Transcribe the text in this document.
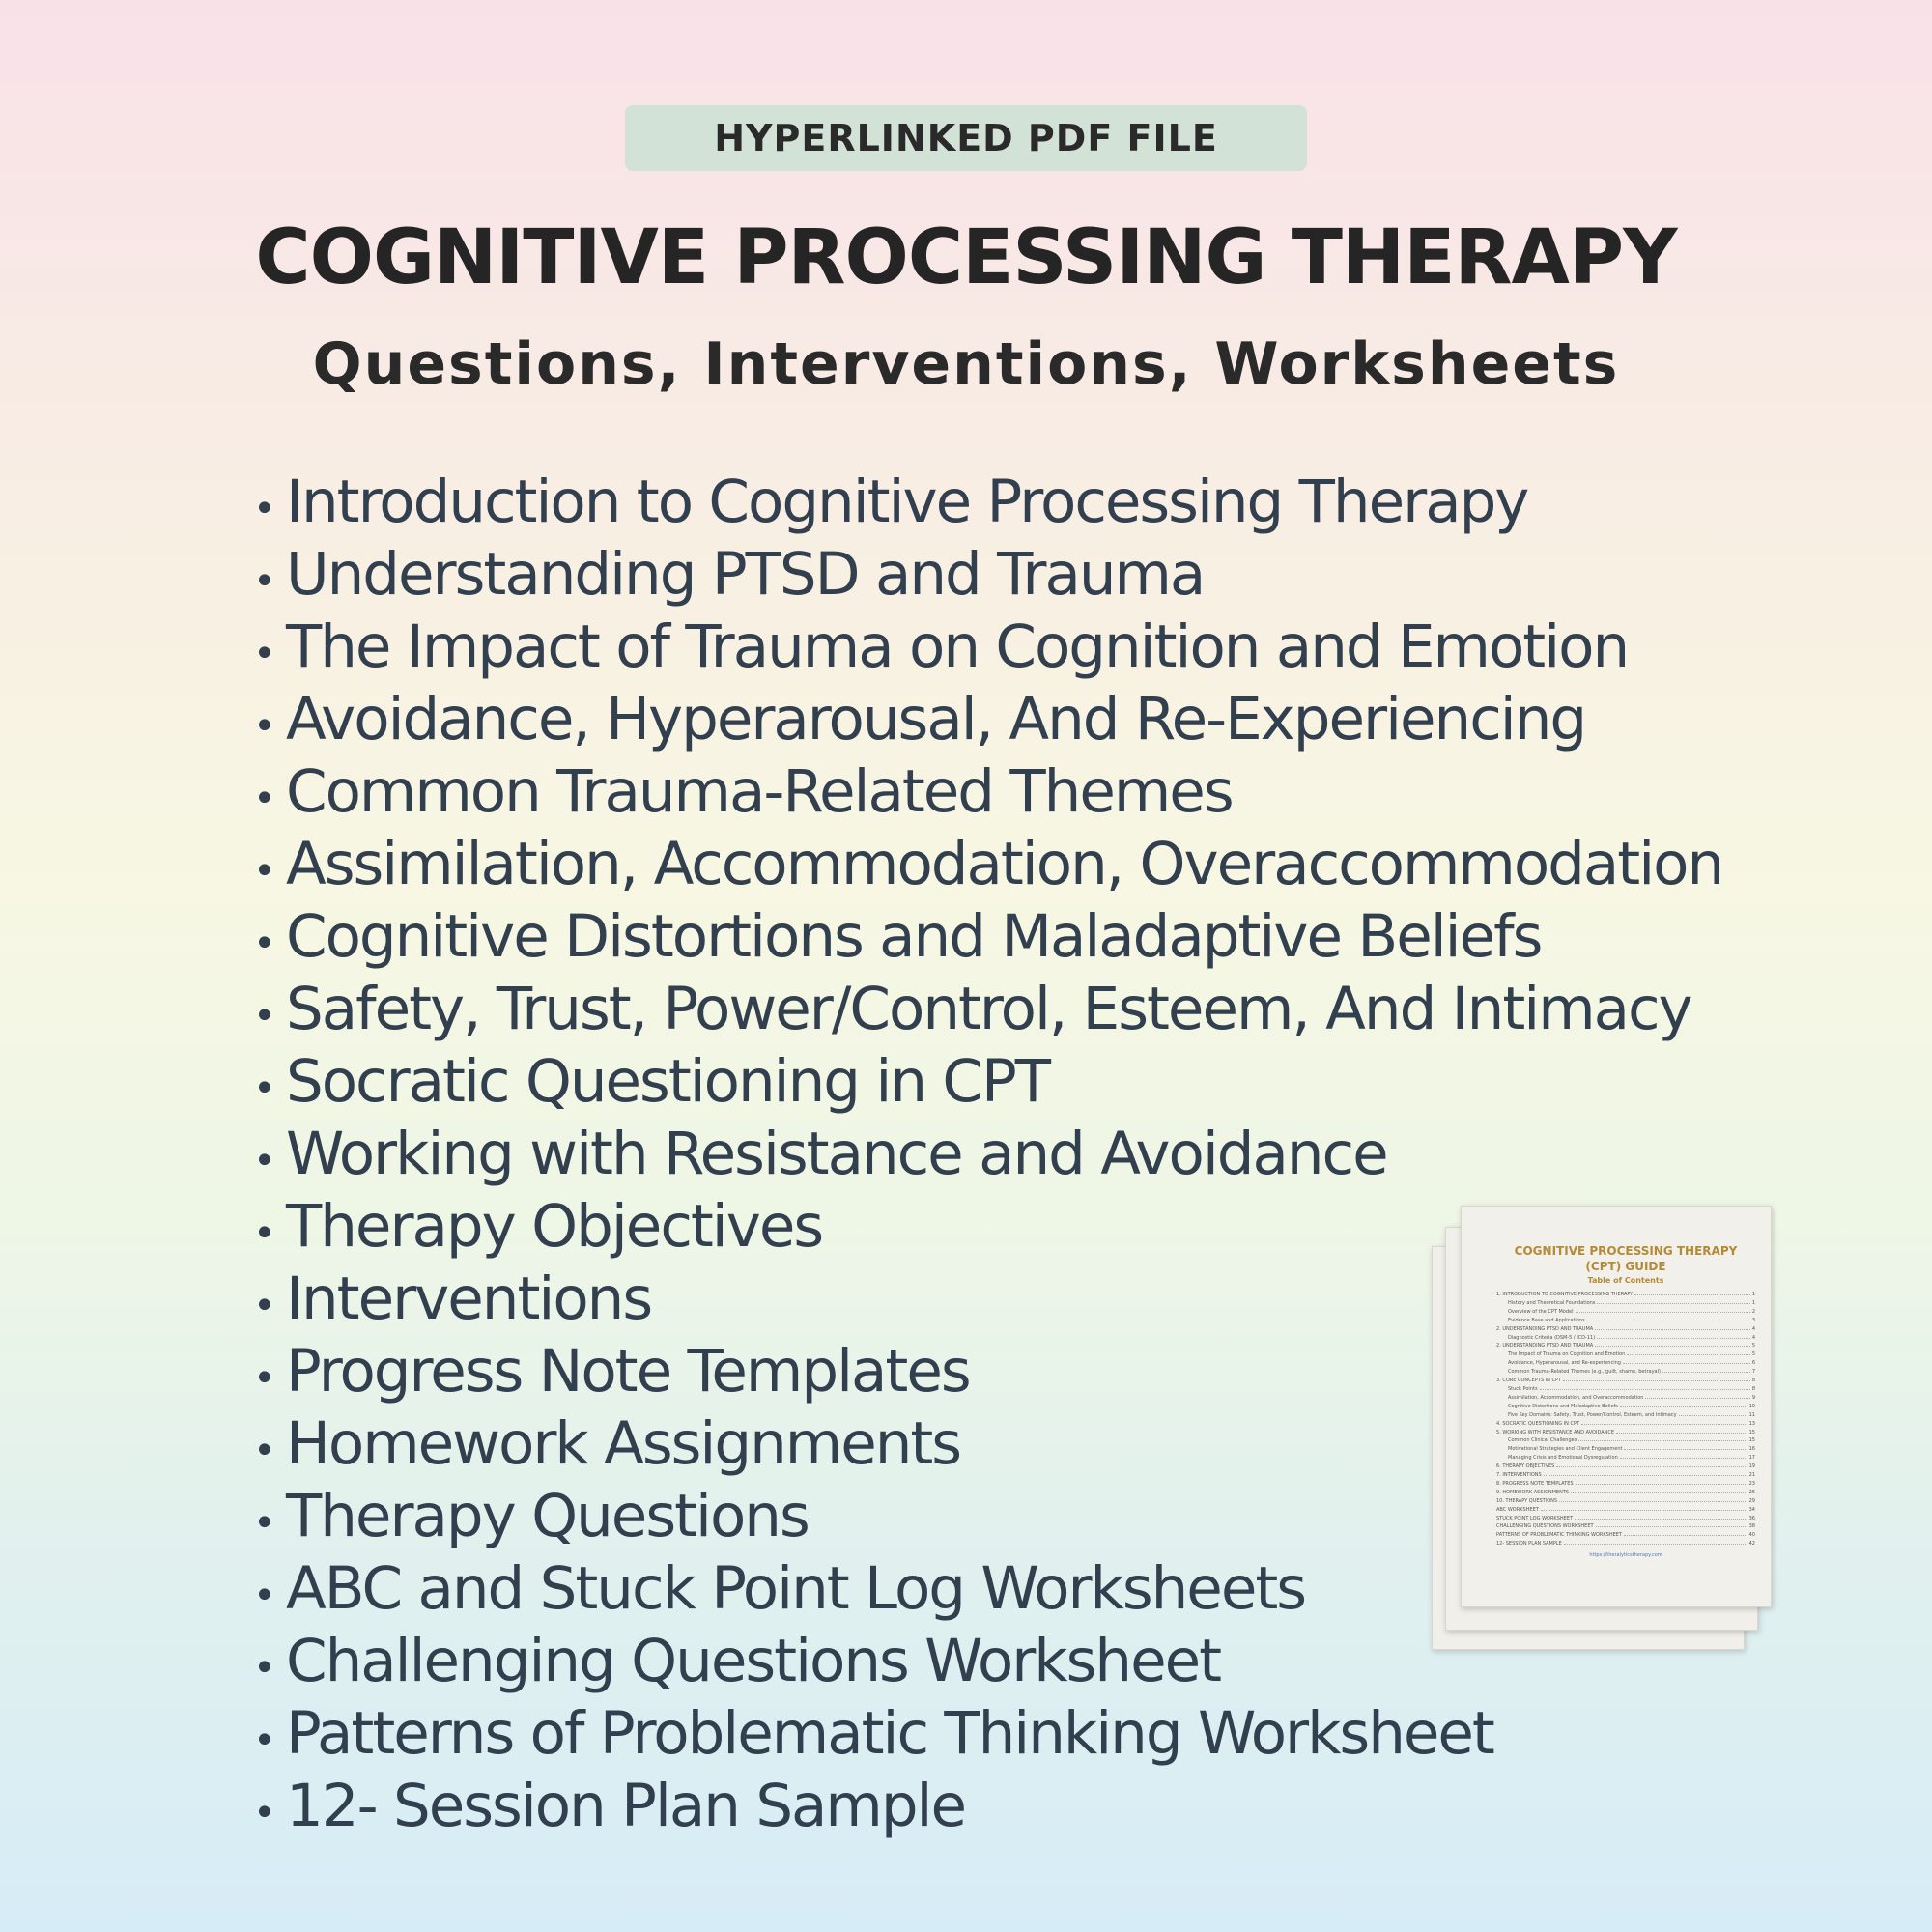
HYPERLINKED PDF FILE
COGNITIVE PROCESSING THERAPY
Questions, Interventions, Worksheets
• Introduction to Cognitive Processing Therapy
• Understanding PTSD and Trauma
• The Impact of Trauma on Cognition and Emotion
• Avoidance, Hyperarousal, And Re-Experiencing
• Common Trauma-Related Themes
• Assimilation, Accommodation, Overaccommodation
• Cognitive Distortions and Maladaptive Beliefs
• Safety, Trust, Power/Control, Esteem, And Intimacy
• Socratic Questioning in CPT
• Working with Resistance and Avoidance
• Therapy Objectives
• Interventions
• Progress Note Templates
• Homework Assignments
• Therapy Questions
• ABC and Stuck Point Log Worksheets
• Challenging Questions Worksheet
• Patterns of Problematic Thinking Worksheet
• 12- Session Plan Sample
COGNITIVE PROCESSING THERAPY (CPT) GUIDE
Table of Contents
1. INTRODUCTION TO COGNITIVE PROCESSING THERAPY	1
History and Theoretical Foundations	1
Overview of the CPT Model	2
Evidence Base and Applications	3
2. UNDERSTANDING PTSD AND TRAUMA	4
Diagnostic Criteria (DSM-5 / ICD-11)	4
2. UNDERSTANDING PTSD AND TRAUMA	5
The Impact of Trauma on Cognition and Emotion	5
Avoidance, Hyperarousal, and Re-experiencing	6
Common Trauma-Related Themes (e.g., guilt, shame, betrayal)	7
3. CORE CONCEPTS IN CPT	8
Stuck Points	8
Assimilation, Accommodation, and Overaccommodation	9
Cognitive Distortions and Maladaptive Beliefs	10
Five Key Domains: Safety, Trust, Power/Control, Esteem, and Intimacy	11
4. SOCRATIC QUESTIONING IN CPT	13
5. WORKING WITH RESISTANCE AND AVOIDANCE	15
Common Clinical Challenges	15
Motivational Strategies and Client Engagement	16
Managing Crisis and Emotional Dysregulation	17
6. THERAPY OBJECTIVES	19
7. INTERVENTIONS	21
8. PROGRESS NOTE TEMPLATES	23
9. HOMEWORK ASSIGNMENTS	26
10. THERAPY QUESTIONS	29
ABC WORKSHEET	34
STUCK POINT LOG WORKSHEET	36
CHALLENGING QUESTIONS WORKSHEET	38
PATTERNS OF PROBLEMATIC THINKING WORKSHEET	40
12- SESSION PLAN SAMPLE	42
https://theralyticstherapy.com
